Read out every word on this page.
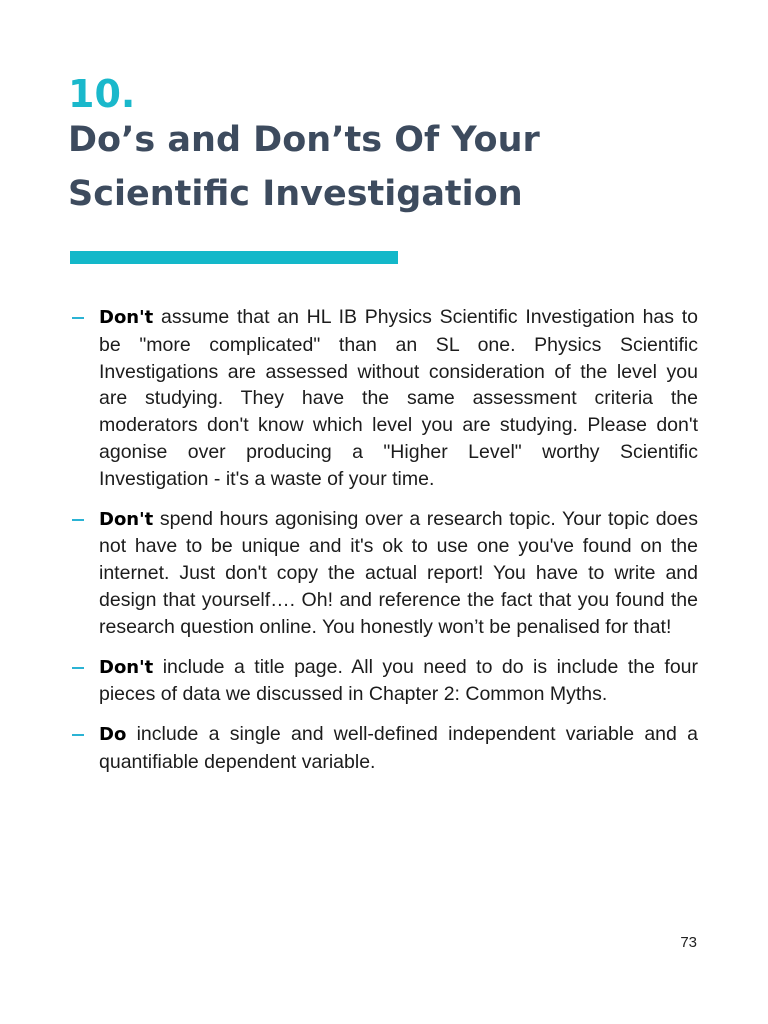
10.
Do’s and Don’ts Of Your Scientific Investigation
Don't assume that an HL IB Physics Scientific Investigation has to be "more complicated" than an SL one. Physics Scientific Investigations are assessed without consideration of the level you are studying. They have the same assessment criteria the moderators don't know which level you are studying. Please don't agonise over producing a "Higher Level" worthy Scientific Investigation - it's a waste of your time.
Don't spend hours agonising over a research topic. Your topic does not have to be unique and it's ok to use one you've found on the internet. Just don't copy the actual report! You have to write and design that yourself…. Oh! and reference the fact that you found the research question online. You honestly won’t be penalised for that!
Don't include a title page. All you need to do is include the four pieces of data we discussed in Chapter 2: Common Myths.
Do include a single and well-defined independent variable and a quantifiable dependent variable.
73
